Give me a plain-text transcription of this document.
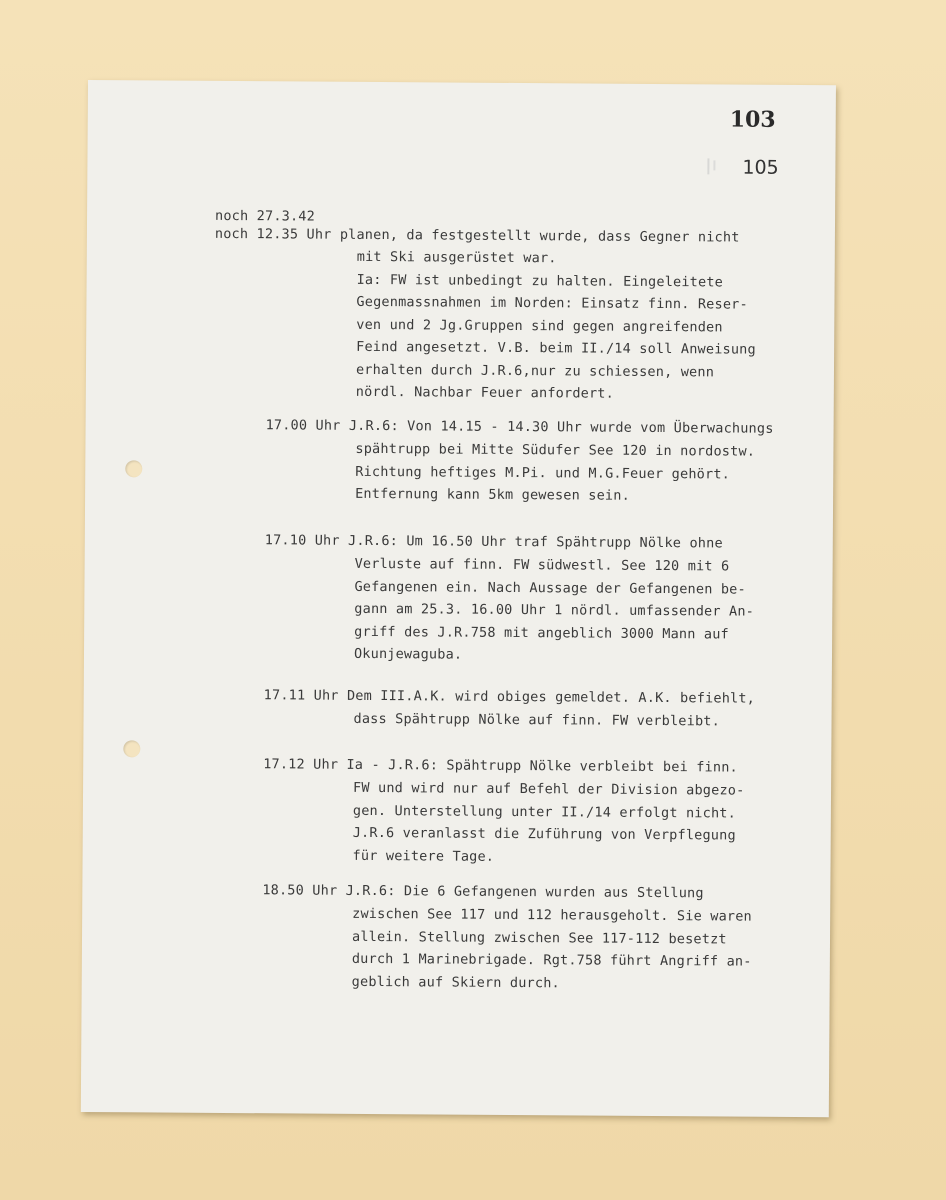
103
105
noch 27.3.42
noch 12.35 Uhr planen, da festgestellt wurde, dass Gegner nicht
mit Ski ausgerüstet war.
Ia: FW ist unbedingt zu halten. Eingeleitete
Gegenmassnahmen im Norden: Einsatz finn. Reser-
ven und 2 Jg.Gruppen sind gegen angreifenden
Feind angesetzt. V.B. beim II./14 soll Anweisung
erhalten durch J.R.6,nur zu schiessen, wenn
nördl. Nachbar Feuer anfordert.
17.00 Uhr J.R.6: Von 14.15 - 14.30 Uhr wurde vom Überwachungs
spähtrupp bei Mitte Südufer See 120 in nordostw.
Richtung heftiges M.Pi. und M.G.Feuer gehört.
Entfernung kann 5km gewesen sein.
17.10 Uhr J.R.6: Um 16.50 Uhr traf Spähtrupp Nölke ohne
Verluste auf finn. FW südwestl. See 120 mit 6
Gefangenen ein. Nach Aussage der Gefangenen be-
gann am 25.3. 16.00 Uhr 1 nördl. umfassender An-
griff des J.R.758 mit angeblich 3000 Mann auf
Okunjewaguba.
17.11 Uhr Dem III.A.K. wird obiges gemeldet. A.K. befiehlt,
dass Spähtrupp Nölke auf finn. FW verbleibt.
17.12 Uhr Ia - J.R.6: Spähtrupp Nölke verbleibt bei finn.
FW und wird nur auf Befehl der Division abgezo-
gen. Unterstellung unter II./14 erfolgt nicht.
J.R.6 veranlasst die Zuführung von Verpflegung
für weitere Tage.
18.50 Uhr J.R.6: Die 6 Gefangenen wurden aus Stellung
zwischen See 117 und 112 herausgeholt. Sie waren
allein. Stellung zwischen See 117-112 besetzt
durch 1 Marinebrigade. Rgt.758 führt Angriff an-
geblich auf Skiern durch.
